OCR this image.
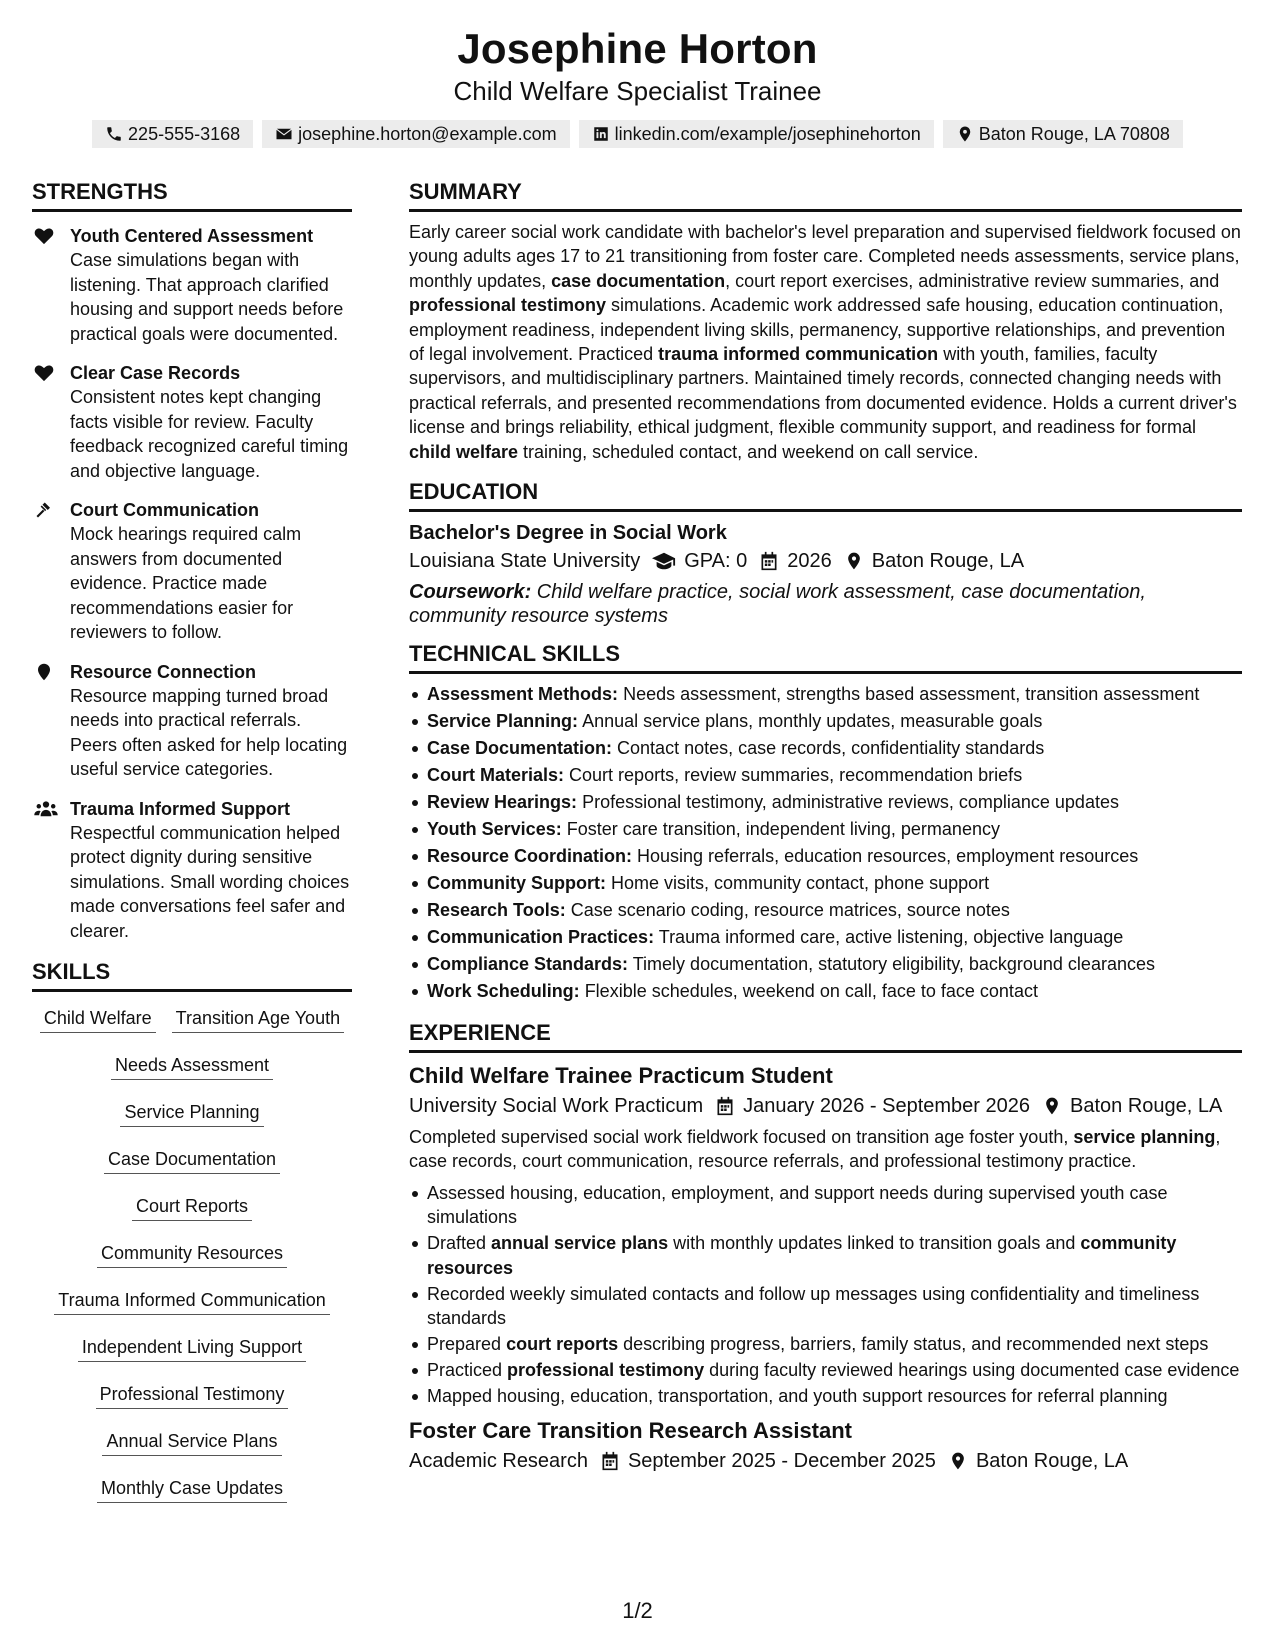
Josephine Horton
Child Welfare Specialist Trainee
225-555-3168	josephine.horton@example.com	linkedin.com/example/josephinehorton	Baton Rouge, LA 70808
STRENGTHS
Youth Centered Assessment
Case simulations began with listening. That approach clarified housing and support needs before practical goals were documented.
Clear Case Records
Consistent notes kept changing facts visible for review. Faculty feedback recognized careful timing and objective language.
Court Communication
Mock hearings required calm answers from documented evidence. Practice made recommendations easier for reviewers to follow.
Resource Connection
Resource mapping turned broad needs into practical referrals. Peers often asked for help locating useful service categories.
Trauma Informed Support
Respectful communication helped protect dignity during sensitive simulations. Small wording choices made conversations feel safer and clearer.
SKILLS
Child Welfare Transition Age Youth
Needs Assessment
Service Planning
Case Documentation
Court Reports
Community Resources
Trauma Informed Communication
Independent Living Support
Professional Testimony
Annual Service Plans
Monthly Case Updates
SUMMARY

Early career social work candidate with bachelor's level preparation and supervised fieldwork focused on young adults ages 17 to 21 transitioning from foster care. Completed needs assessments, service plans, monthly updates, case documentation, court report exercises, administrative review summaries, and professional testimony simulations. Academic work addressed safe housing, education continuation, employment readiness, independent living skills, permanency, supportive relationships, and prevention of legal involvement. Practiced trauma informed communication with youth, families, faculty supervisors, and multidisciplinary partners. Maintained timely records, connected changing needs with practical referrals, and presented recommendations from documented evidence. Holds a current driver's license and brings reliability, ethical judgment, flexible community support, and readiness for formal child welfare training, scheduled contact, and weekend on call service.

EDUCATION
Bachelor's Degree in Social Work
Louisiana State University GPA: 0 2026 Baton Rouge, LA
Coursework: Child welfare practice, social work assessment, case documentation, community resource systems
TECHNICAL SKILLS
Assessment Methods: Needs assessment, strengths based assessment, transition assessment
Service Planning: Annual service plans, monthly updates, measurable goals
Case Documentation: Contact notes, case records, confidentiality standards
Court Materials: Court reports, review summaries, recommendation briefs
Review Hearings: Professional testimony, administrative reviews, compliance updates
Youth Services: Foster care transition, independent living, permanency
Resource Coordination: Housing referrals, education resources, employment resources
Community Support: Home visits, community contact, phone support
Research Tools: Case scenario coding, resource matrices, source notes
Communication Practices: Trauma informed care, active listening, objective language
Compliance Standards: Timely documentation, statutory eligibility, background clearances
Work Scheduling: Flexible schedules, weekend on call, face to face contact
EXPERIENCE
Child Welfare Trainee Practicum Student
University Social Work Practicum January 2026 - September 2026 Baton Rouge, LA

Completed supervised social work fieldwork focused on transition age foster youth, service planning, case records, court communication, resource referrals, and professional testimony practice.

Assessed housing, education, employment, and support needs during supervised youth case simulations
Drafted annual service plans with monthly updates linked to transition goals and community resources
Recorded weekly simulated contacts and follow up messages using confidentiality and timeliness standards
Prepared court reports describing progress, barriers, family status, and recommended next steps
Practiced professional testimony during faculty reviewed hearings using documented case evidence
Mapped housing, education, transportation, and youth support resources for referral planning
Foster Care Transition Research Assistant
Academic Research September 2025 - December 2025 Baton Rouge, LA
1/2
